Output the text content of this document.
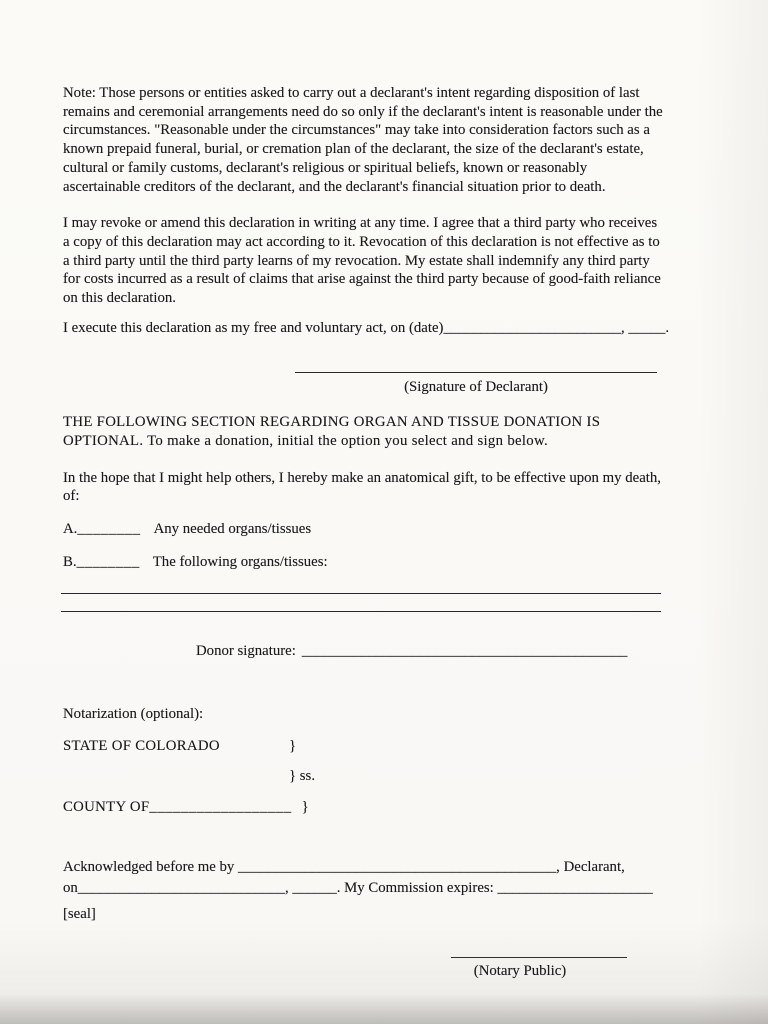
Note: Those persons or entities asked to carry out a declarant's intent regarding disposition of last remains and ceremonial arrangements need do so only if the declarant's intent is reasonable under the circumstances. "Reasonable under the circumstances" may take into consideration factors such as a known prepaid funeral, burial, or cremation plan of the declarant, the size of the declarant's estate, cultural or family customs, declarant's religious or spiritual beliefs, known or reasonably ascertainable creditors of the declarant, and the declarant's financial situation prior to death.

I may revoke or amend this declaration in writing at any time. I agree that a third party who receives a copy of this declaration may act according to it. Revocation of this declaration is not effective as to a third party until the third party learns of my revocation. My estate shall indemnify any third party for costs incurred as a result of claims that arise against the third party because of good-faith reliance on this declaration.

I execute this declaration as my free and voluntary act, on (date)________________________, _____.

(Signature of Declarant)

THE FOLLOWING SECTION REGARDING ORGAN AND TISSUE DONATION IS OPTIONAL. To make a donation, initial the option you select and sign below.

In the hope that I might help others, I hereby make an anatomical gift, to be effective upon my death, of:

A.________ Any needed organs/tissues

B.________ The following organs/tissues:

Donor signature: ____________________________________________

Notarization (optional):

STATE OF COLORADO	}
} ss.
COUNTY OF __________________ }
Acknowledged before me by ___________________________________________, Declarant,
on____________________________, ______. My Commission expires: _____________________

[seal]

(Notary Public)
